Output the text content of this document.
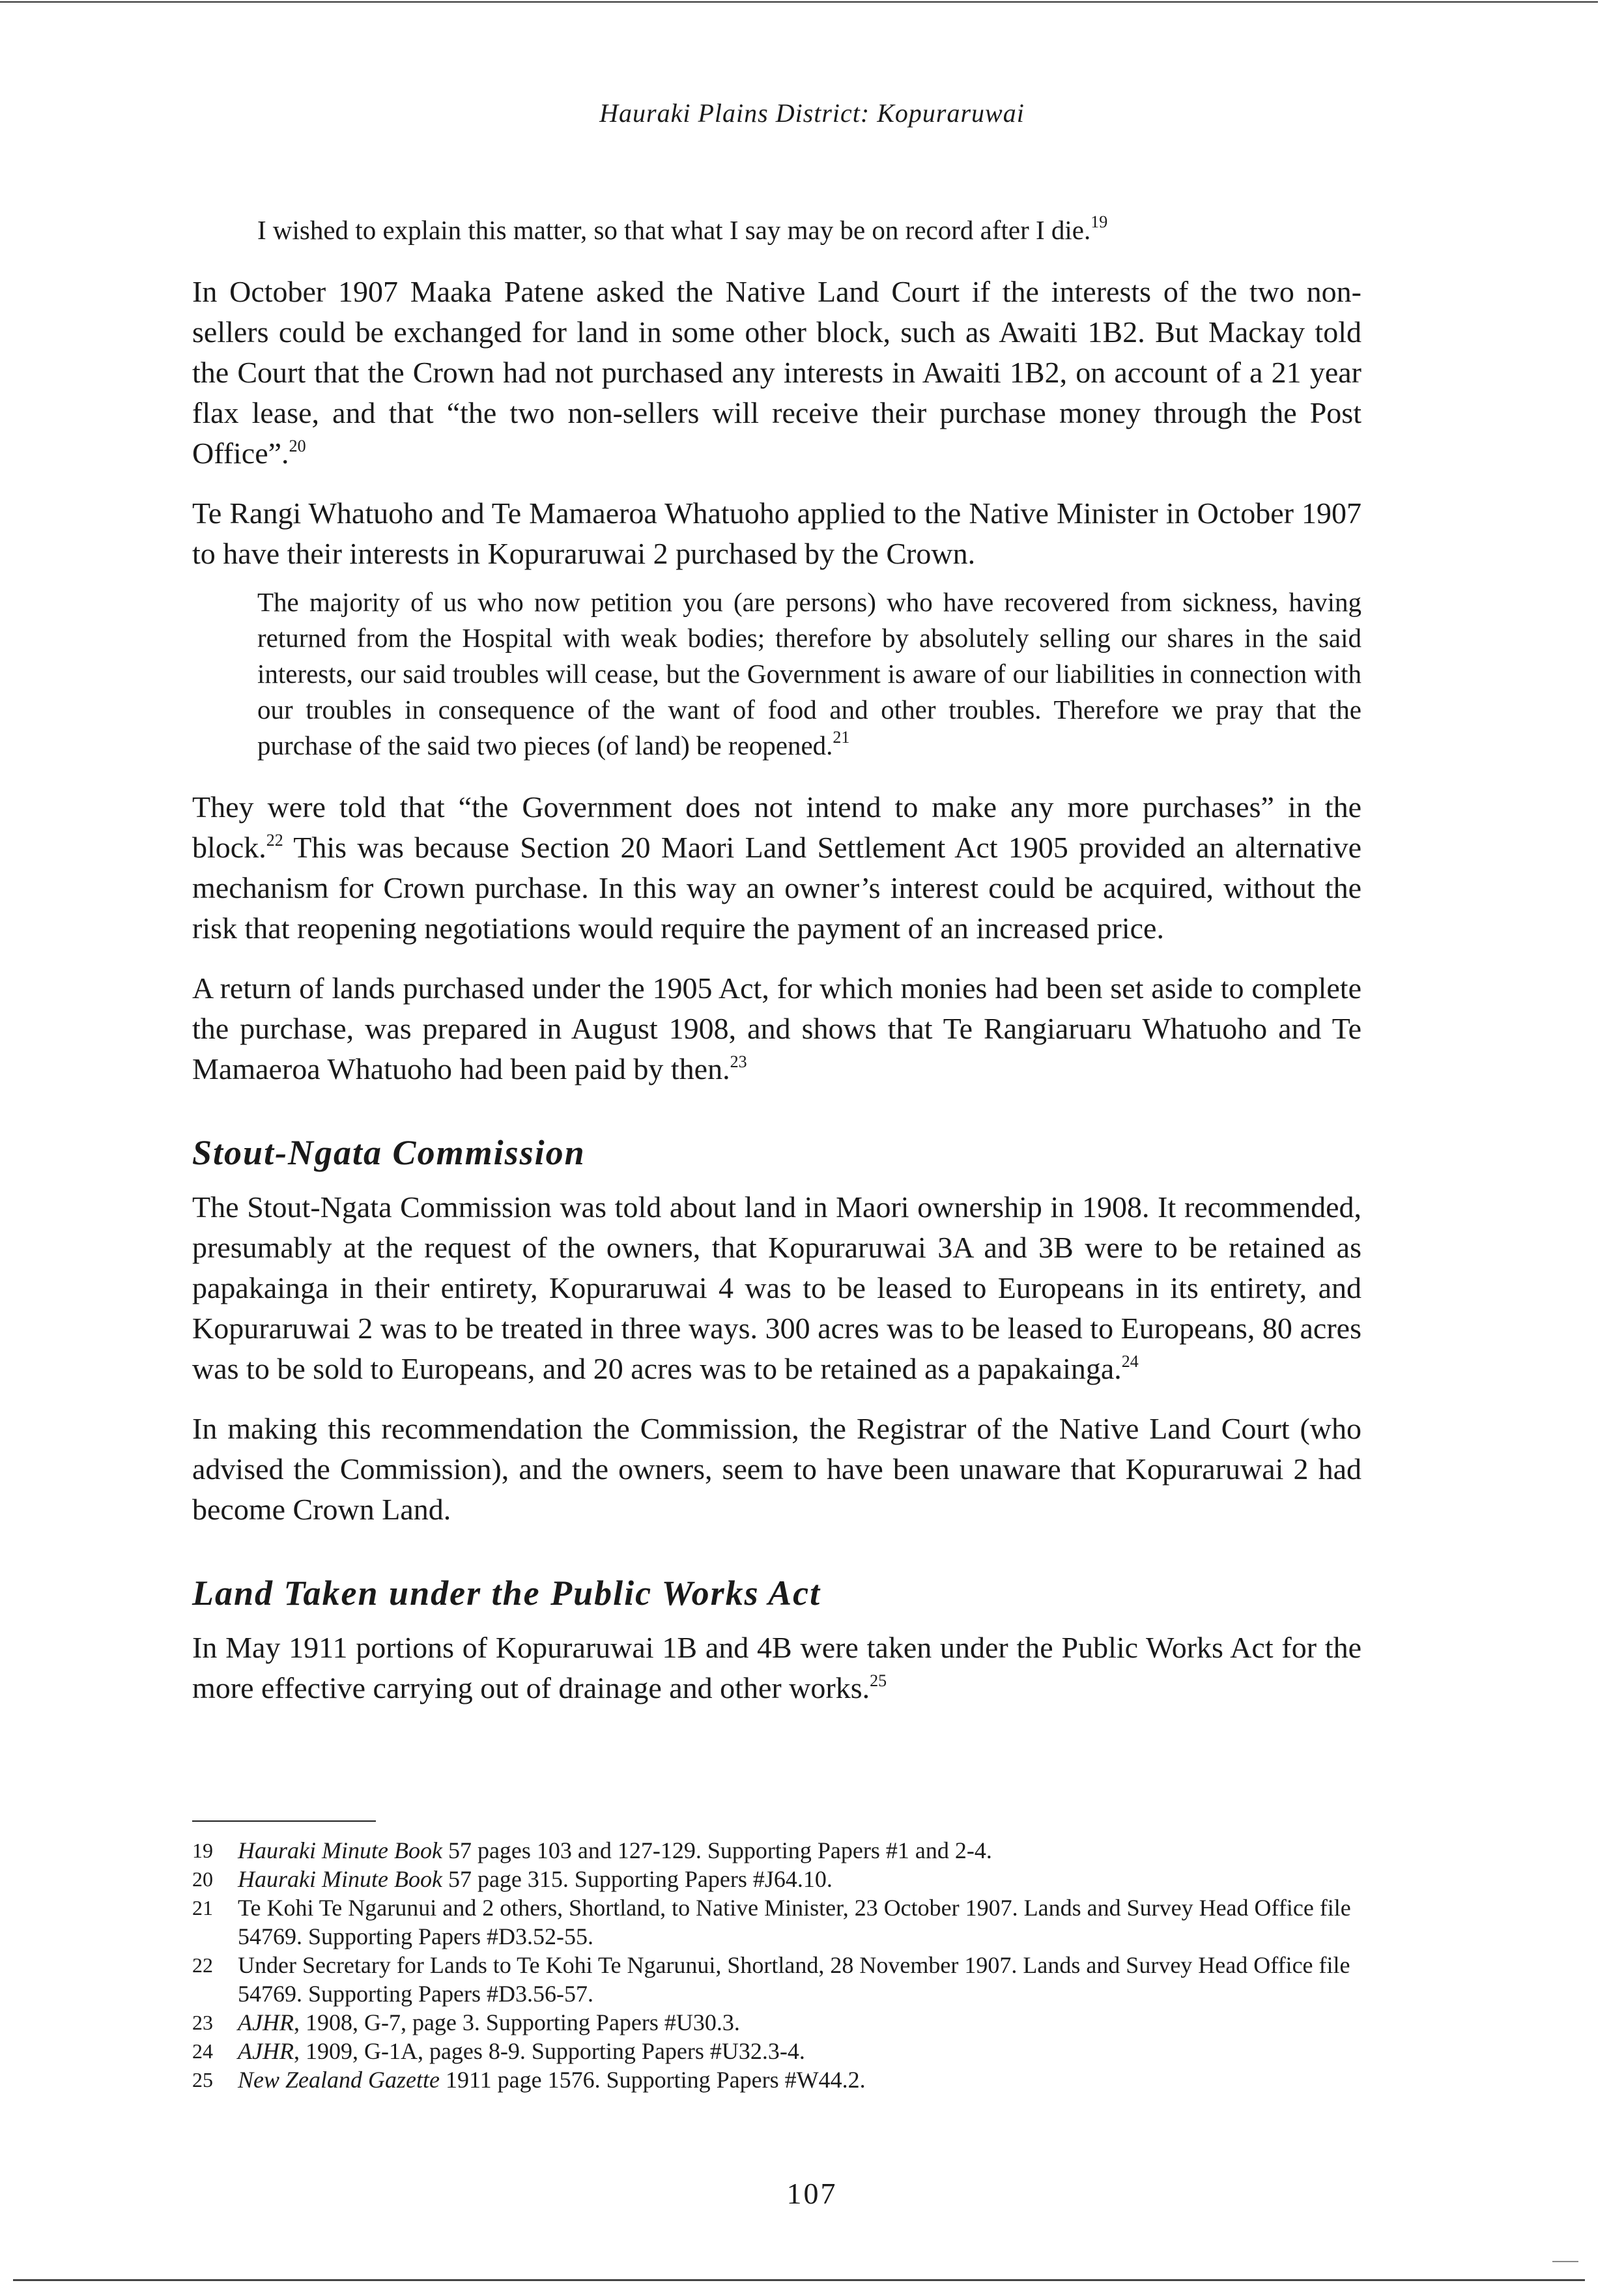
Hauraki Plains District: Kopuraruwai

I wished to explain this matter, so that what I say may be on record after I die.$^{19}$

In October 1907 Maaka Patene asked the Native Land Court if the interests of the two non-sellers could be exchanged for land in some other block, such as Awaiti 1B2. But Mackay told the Court that the Crown had not purchased any interests in Awaiti 1B2, on account of a 21 year flax lease, and that “the two non-sellers will receive their purchase money through the Post Office”.$^{20}$

Te Rangi Whatuoho and Te Mamaeroa Whatuoho applied to the Native Minister in October 1907 to have their interests in Kopuraruwai 2 purchased by the Crown.

The majority of us who now petition you (are persons) who have recovered from sickness, having returned from the Hospital with weak bodies; therefore by absolutely selling our shares in the said interests, our said troubles will cease, but the Government is aware of our liabilities in connection with our troubles in consequence of the want of food and other troubles. Therefore we pray that the purchase of the said two pieces (of land) be reopened.$^{21}$

They were told that “the Government does not intend to make any more purchases” in the block.$^{22}$ This was because Section 20 Maori Land Settlement Act 1905 provided an alternative mechanism for Crown purchase. In this way an owner’s interest could be acquired, without the risk that reopening negotiations would require the payment of an increased price.

A return of lands purchased under the 1905 Act, for which monies had been set aside to complete the purchase, was prepared in August 1908, and shows that Te Rangiaruaru Whatuoho and Te Mamaeroa Whatuoho had been paid by then.$^{23}$

Stout-Ngata Commission

The Stout-Ngata Commission was told about land in Maori ownership in 1908. It recommended, presumably at the request of the owners, that Kopuraruwai 3A and 3B were to be retained as papakainga in their entirety, Kopuraruwai 4 was to be leased to Europeans in its entirety, and Kopuraruwai 2 was to be treated in three ways. 300 acres was to be leased to Europeans, 80 acres was to be sold to Europeans, and 20 acres was to be retained as a papakainga.$^{24}$

In making this recommendation the Commission, the Registrar of the Native Land Court (who advised the Commission), and the owners, seem to have been unaware that Kopuraruwai 2 had become Crown Land.

Land Taken under the Public Works Act

In May 1911 portions of Kopuraruwai 1B and 4B were taken under the Public Works Act for the more effective carrying out of drainage and other works.$^{25}$

19	Hauraki Minute Book 57 pages 103 and 127-129. Supporting Papers #1 and 2-4.
20	Hauraki Minute Book 57 page 315. Supporting Papers #J64.10.
21	Te Kohi Te Ngarunui and 2 others, Shortland, to Native Minister, 23 October 1907. Lands and Survey Head Office file 54769. Supporting Papers #D3.52-55.
22	Under Secretary for Lands to Te Kohi Te Ngarunui, Shortland, 28 November 1907. Lands and Survey Head Office file 54769. Supporting Papers #D3.56-57.
23	AJHR, 1908, G-7, page 3. Supporting Papers #U30.3.
24	AJHR, 1909, G-1A, pages 8-9. Supporting Papers #U32.3-4.
25	New Zealand Gazette 1911 page 1576. Supporting Papers #W44.2.
107
